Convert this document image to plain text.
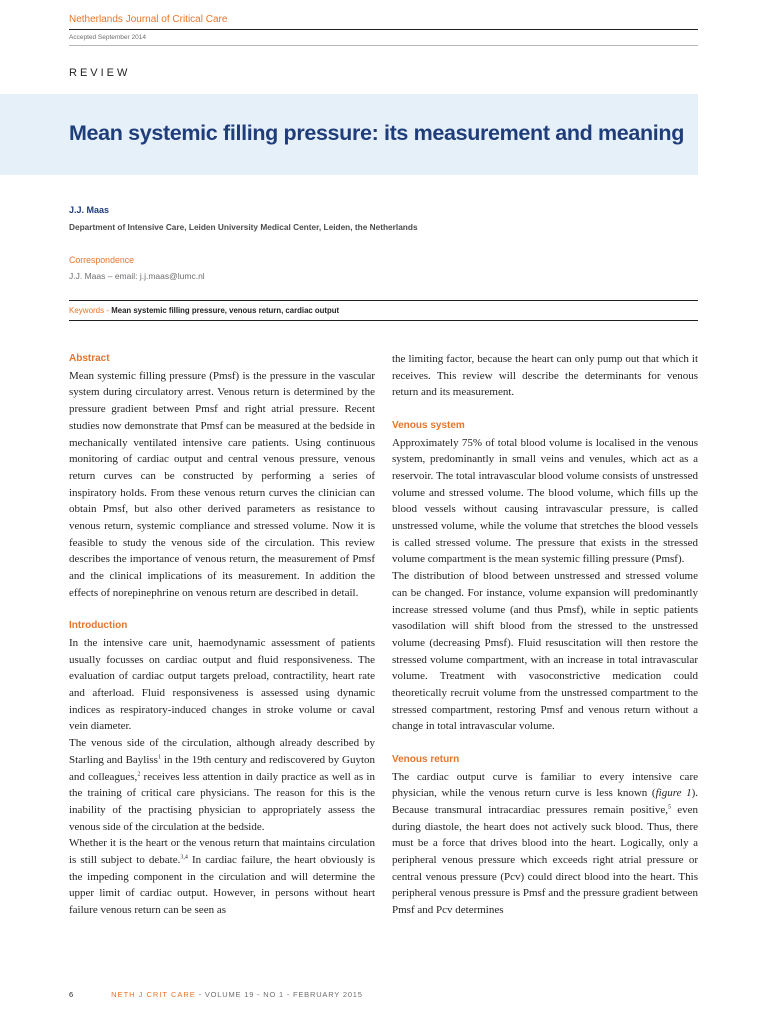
Netherlands Journal of Critical Care
Accepted September 2014
REVIEW
Mean systemic filling pressure: its measurement and meaning
J.J. Maas
Department of Intensive Care, Leiden University Medical Center, Leiden, the Netherlands
Correspondence
J.J. Maas – email: j.j.maas@lumc.nl
Keywords - Mean systemic filling pressure, venous return, cardiac output
Abstract

Mean systemic filling pressure (Pmsf) is the pressure in the vascular system during circulatory arrest. Venous return is determined by the pressure gradient between Pmsf and right atrial pressure. Recent studies now demonstrate that Pmsf can be measured at the bedside in mechanically ventilated intensive care patients. Using continuous monitoring of cardiac output and central venous pressure, venous return curves can be constructed by performing a series of inspiratory holds. From these venous return curves the clinician can obtain Pmsf, but also other derived parameters as resistance to venous return, systemic compliance and stressed volume. Now it is feasible to study the venous side of the circulation. This review describes the importance of venous return, the measurement of Pmsf and the clinical implications of its measurement. In addition the effects of norepinephrine on venous return are described in detail.

Introduction

In the intensive care unit, haemodynamic assessment of patients usually focusses on cardiac output and fluid responsiveness. The evaluation of cardiac output targets preload, contractility, heart rate and afterload. Fluid responsiveness is assessed using dynamic indices as respiratory-induced changes in stroke volume or caval vein diameter.

The venous side of the circulation, although already described by Starling and Bayliss$^1$ in the 19th century and rediscovered by Guyton and colleagues,$^2$ receives less attention in daily practice as well as in the training of critical care physicians. The reason for this is the inability of the practising physician to appropriately assess the venous side of the circulation at the bedside.

Whether it is the heart or the venous return that maintains circulation is still subject to debate.$^{3,4}$ In cardiac failure, the heart obviously is the impeding component in the circulation and will determine the upper limit of cardiac output. However, in persons without heart failure venous return can be seen as

the limiting factor, because the heart can only pump out that which it receives. This review will describe the determinants for venous return and its measurement.

Venous system

Approximately 75% of total blood volume is localised in the venous system, predominantly in small veins and venules, which act as a reservoir. The total intravascular blood volume consists of unstressed volume and stressed volume. The blood volume, which fills up the blood vessels without causing intravascular pressure, is called unstressed volume, while the volume that stretches the blood vessels is called stressed volume. The pressure that exists in the stressed volume compartment is the mean systemic filling pressure (Pmsf).

The distribution of blood between unstressed and stressed volume can be changed. For instance, volume expansion will predominantly increase stressed volume (and thus Pmsf), while in septic patients vasodilation will shift blood from the stressed to the unstressed volume (decreasing Pmsf). Fluid resuscitation will then restore the stressed volume compartment, with an increase in total intravascular volume. Treatment with vasoconstrictive medication could theoretically recruit volume from the unstressed compartment to the stressed compartment, restoring Pmsf and venous return without a change in total intravascular volume.

Venous return

The cardiac output curve is familiar to every intensive care physician, while the venous return curve is less known (figure 1). Because transmural intracardiac pressures remain positive,$^5$ even during diastole, the heart does not actively suck blood. Thus, there must be a force that drives blood into the heart. Logically, only a peripheral venous pressure which exceeds right atrial pressure or central venous pressure (Pcv) could direct blood into the heart. This peripheral venous pressure is Pmsf and the pressure gradient between Pmsf and Pcv determines

6	NETH J CRIT CARE - VOLUME 19 - NO 1 - FEBRUARY 2015
